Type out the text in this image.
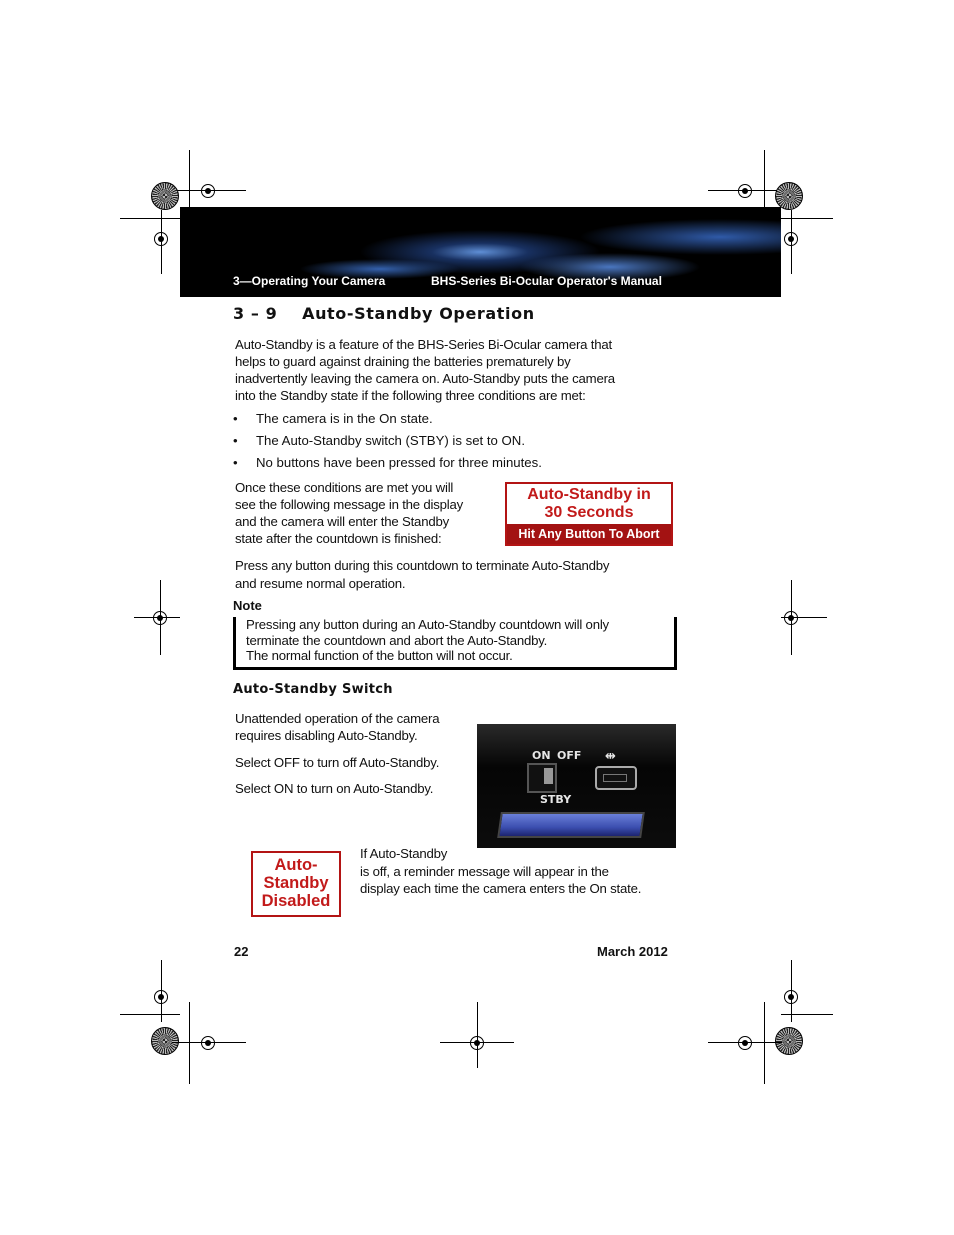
3—Operating Your Camera	BHS-Series Bi-Ocular Operator's Manual
3 – 9    Auto-Standby Operation
Auto-Standby is a feature of the BHS-Series Bi-Ocular camera that
helps to guard against draining the batteries prematurely by
inadvertently leaving the camera on. Auto-Standby puts the camera
into the Standby state if the following three conditions are met:
• The camera is in the On state.
• The Auto-Standby switch (STBY) is set to ON.
• No buttons have been pressed for three minutes.
Once these conditions are met you will
see the following message in the display
and the camera will enter the Standby
state after the countdown is finished:
Auto-Standby in
30 Seconds
Hit Any Button To Abort
Press any button during this countdown to terminate Auto-Standby
and resume normal operation.
Note
Pressing any button during an Auto-Standby countdown will only
terminate the countdown and abort the Auto-Standby.
The normal function of the button will not occur.
Auto-Standby Switch
Unattended operation of the camera
requires disabling Auto-Standby.
Select OFF to turn off Auto-Standby.
Select ON to turn on Auto-Standby.
ON OFF
STBY
⇹
Auto-
Standby
Disabled
If Auto-Standby
is off, a reminder message will appear in the
display each time the camera enters the On state.
22	March 2012
